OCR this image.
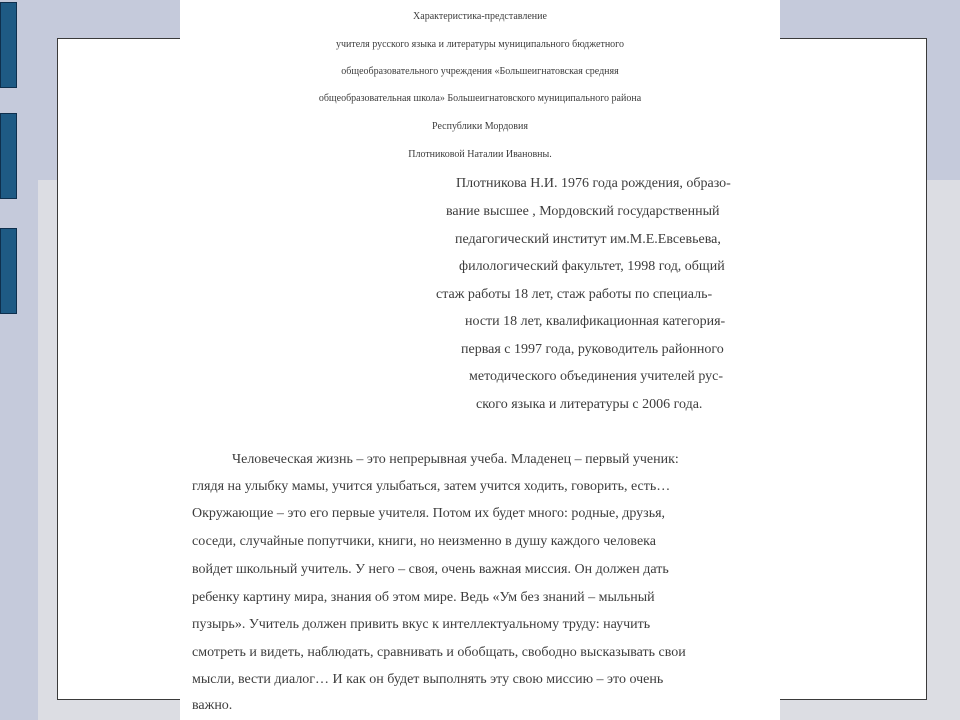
Характеристика-представление
учителя русского языка и литературы муниципального бюджетного
общеобразовательного учреждения «Большеигнатовская средняя
общеобразовательная школа» Большеигнатовского муниципального района
Республики Мордовия
Плотниковой Наталии Ивановны.
Плотникова Н.И. 1976 года рождения, образо-
вание высшее , Мордовский государственный
педагогический институт им.М.Е.Евсевьева,
филологический факультет, 1998 год, общий
стаж работы 18 лет, стаж работы по специаль-
ности 18 лет, квалификационная категория-
первая с 1997 года, руководитель районного
методического объединения учителей рус-
ского языка и литературы с 2006 года.
Человеческая жизнь – это непрерывная учеба. Младенец – первый ученик:
глядя на улыбку мамы, учится улыбаться, затем учится ходить, говорить, есть…
Окружающие – это его первые учителя. Потом их будет много: родные, друзья,
соседи, случайные попутчики, книги, но неизменно в душу каждого человека
войдет школьный учитель. У него – своя, очень важная миссия. Он должен дать
ребенку картину мира, знания об этом мире. Ведь «Ум без знаний – мыльный
пузырь». Учитель должен привить вкус к интеллектуальному труду: научить
смотреть и видеть, наблюдать, сравнивать и обобщать, свободно высказывать свои
мысли, вести диалог… И как он будет выполнять эту свою миссию – это очень
важно.
